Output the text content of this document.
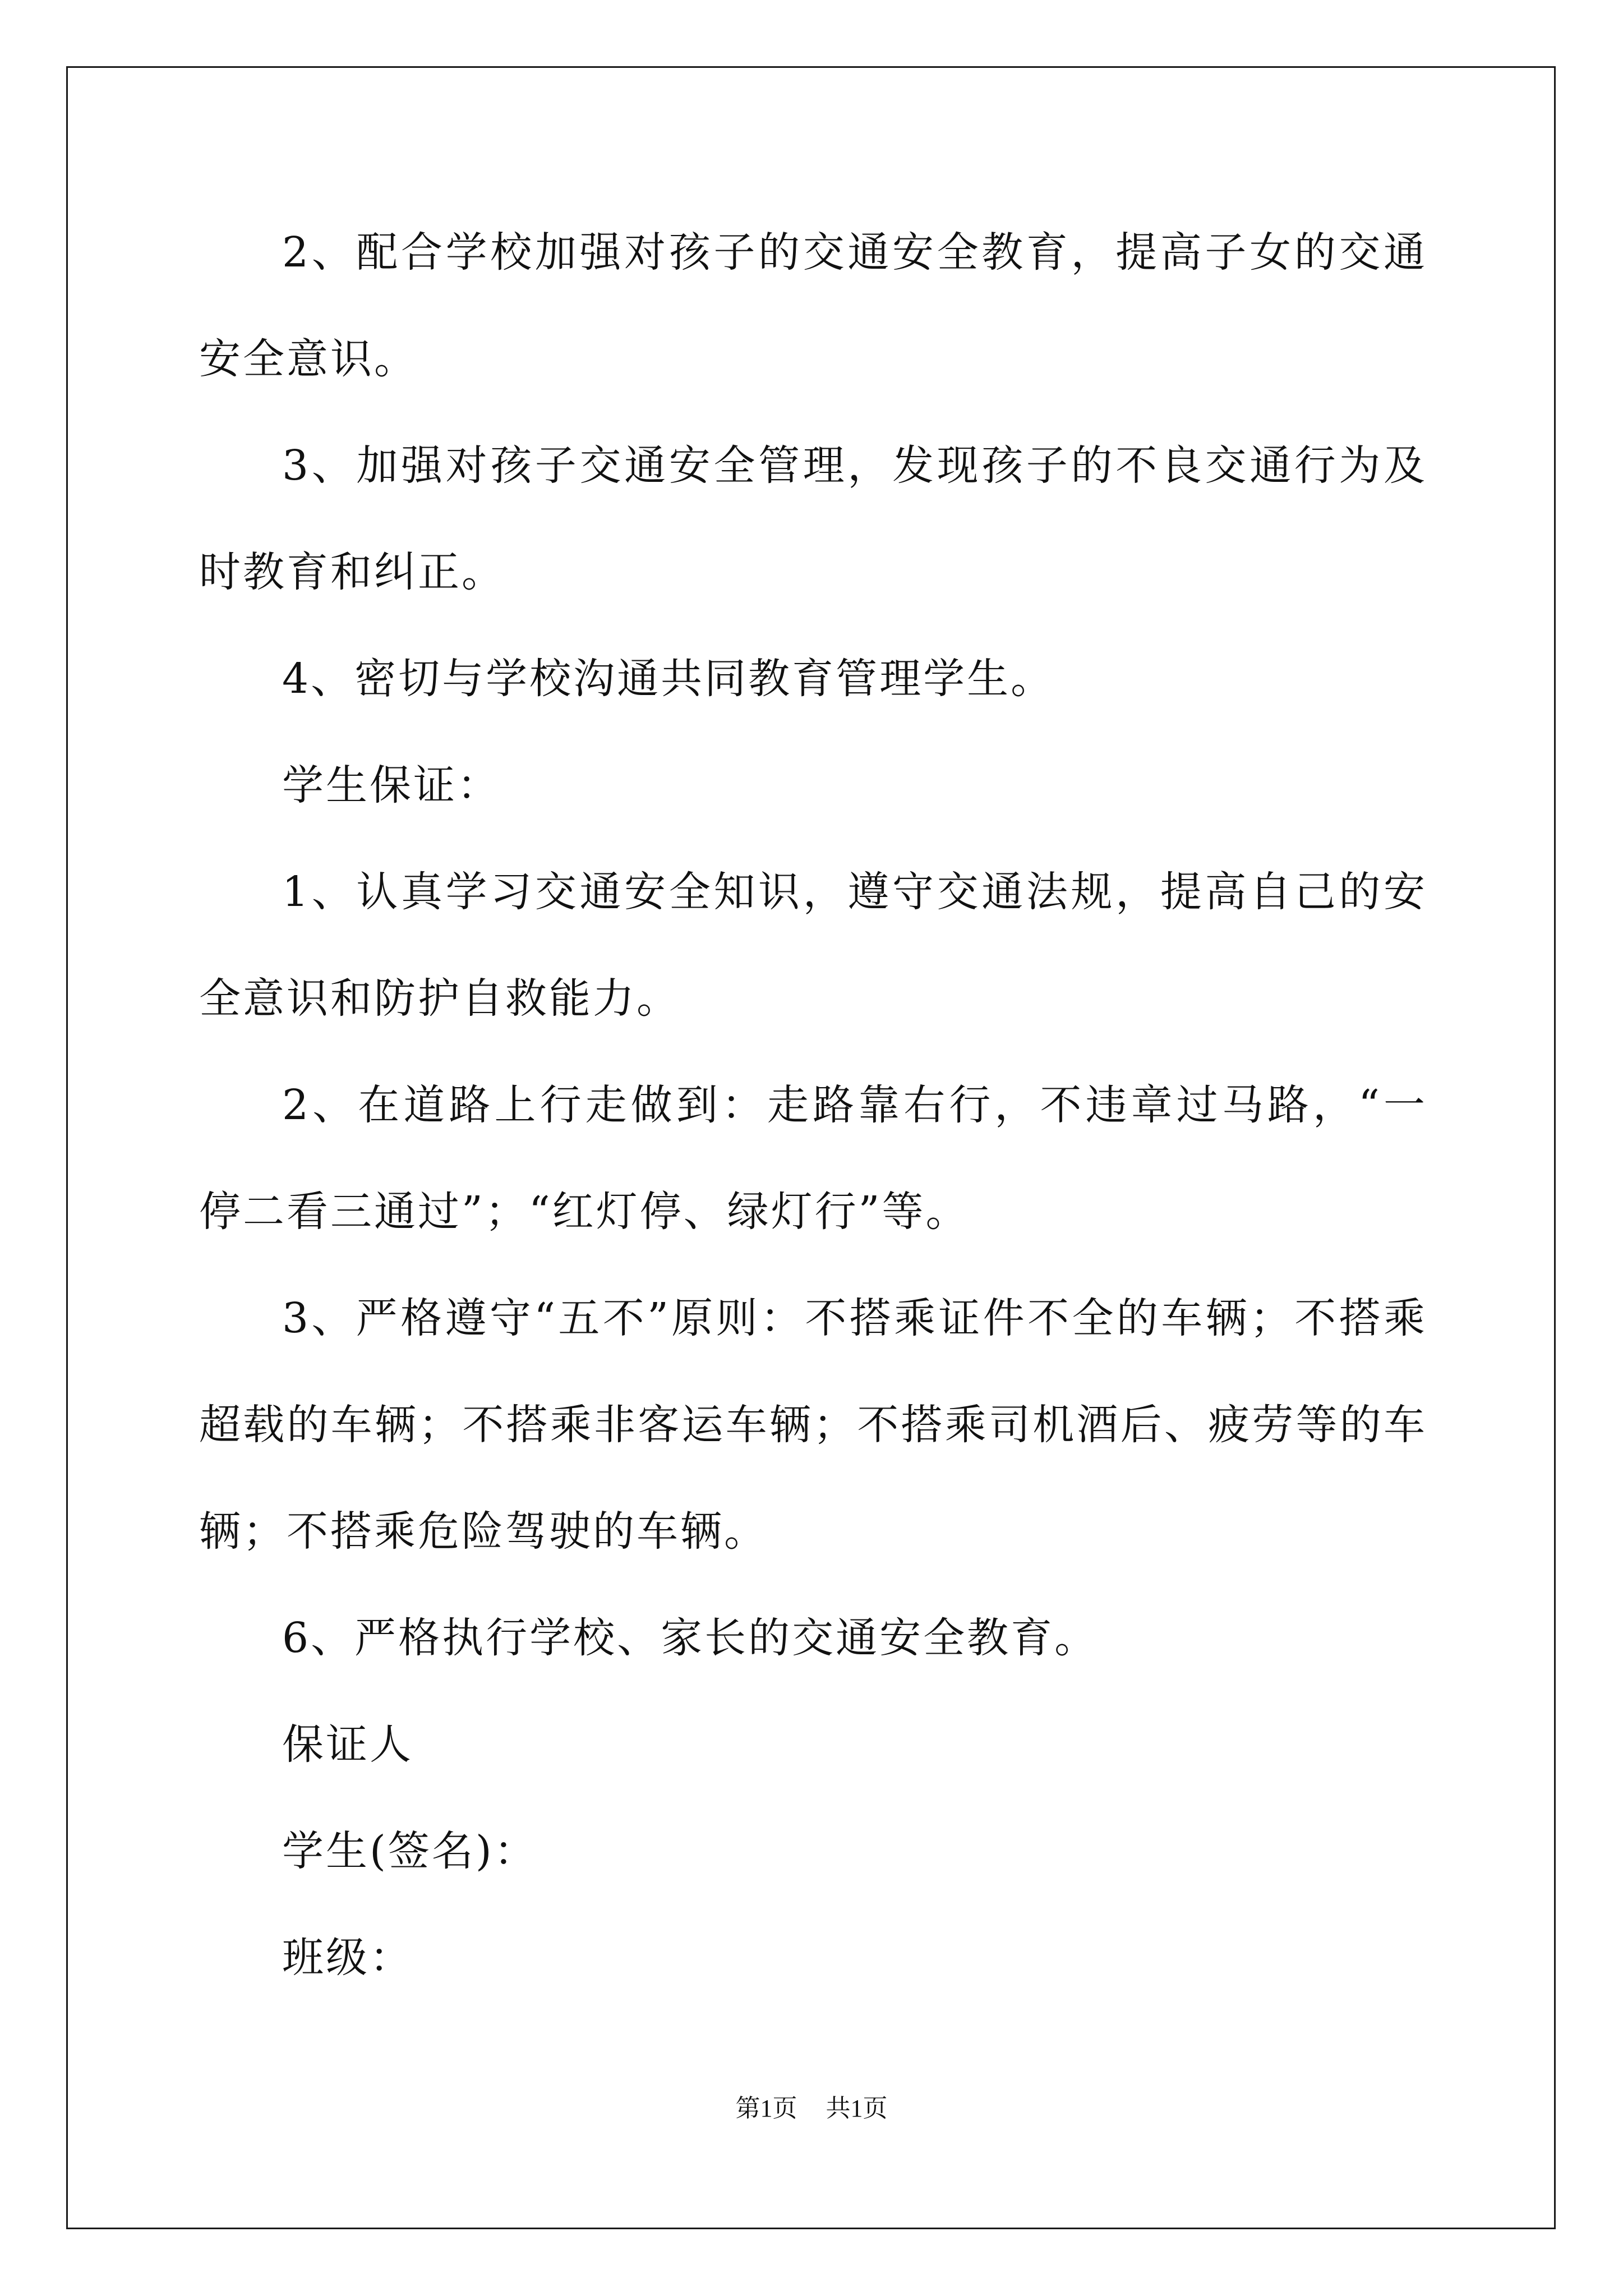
2、配合学校加强对孩子的交通安全教育，提高子女的交通安全意识。

3、加强对孩子交通安全管理，发现孩子的不良交通行为及时教育和纠正。

4、密切与学校沟通共同教育管理学生。

学生保证：

1、认真学习交通安全知识，遵守交通法规，提高自己的安全意识和防护自救能力。

2、在道路上行走做到：走路靠右行，不违章过马路，“一停二看三通过”；“红灯停、绿灯行”等。

3、严格遵守“五不”原则：不搭乘证件不全的车辆；不搭乘超载的车辆；不搭乘非客运车辆；不搭乘司机酒后、疲劳等的车辆；不搭乘危险驾驶的车辆。

6、严格执行学校、家长的交通安全教育。

保证人

学生(签名)：

班级：

第1页 共1页
